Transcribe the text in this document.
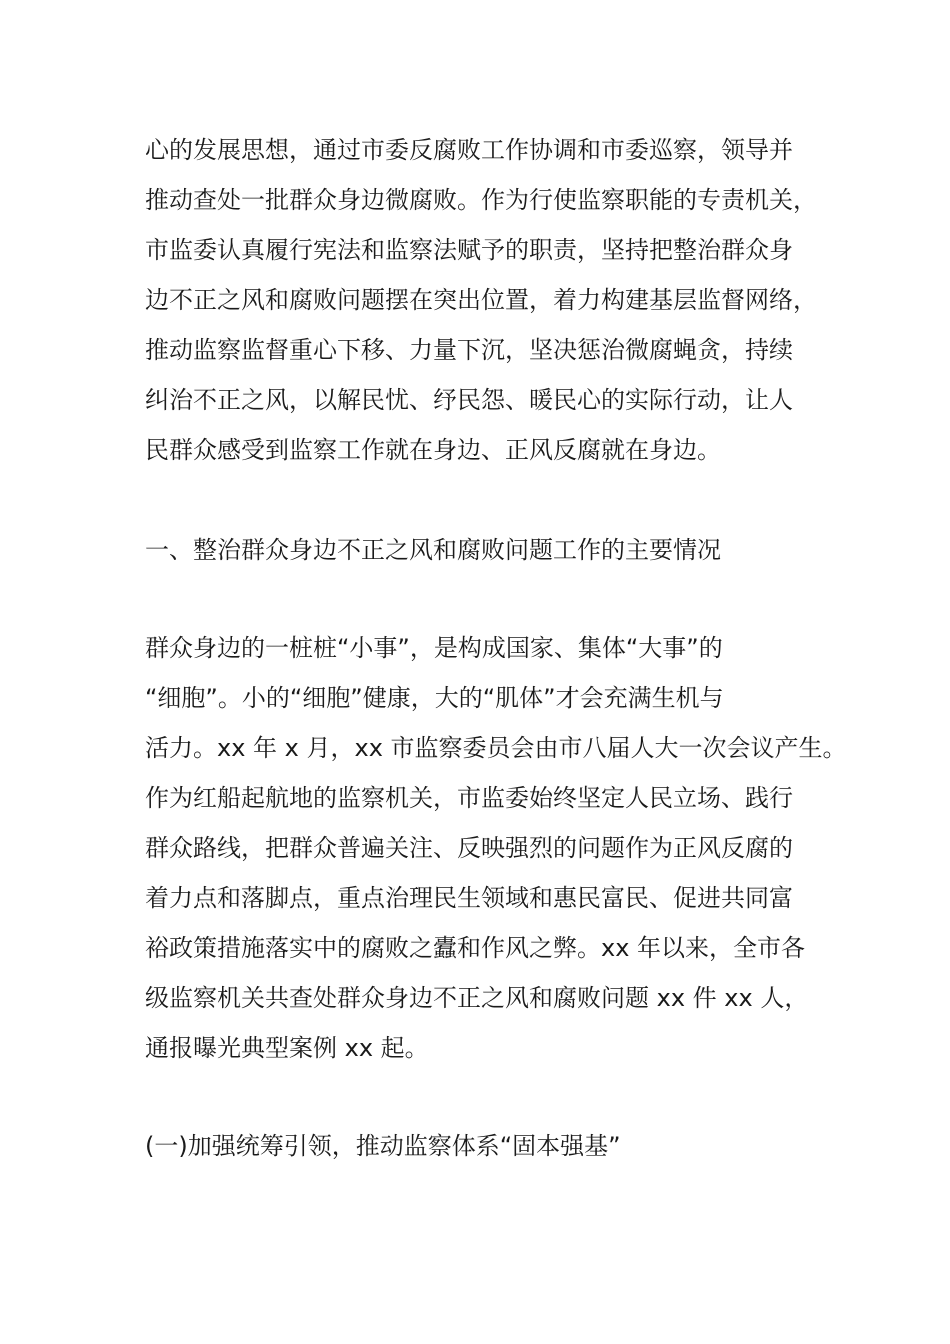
心的发展思想，通过市委反腐败工作协调和市委巡察，领导并
推动查处一批群众身边微腐败。作为行使监察职能的专责机关，
市监委认真履行宪法和监察法赋予的职责，坚持把整治群众身
边不正之风和腐败问题摆在突出位置，着力构建基层监督网络，
推动监察监督重心下移、力量下沉，坚决惩治微腐蝇贪，持续
纠治不正之风，以解民忧、纾民怨、暖民心的实际行动，让人
民群众感受到监察工作就在身边、正风反腐就在身边。
一、整治群众身边不正之风和腐败问题工作的主要情况
群众身边的一桩桩“小事”，是构成国家、集体“大事”的
“细胞”。小的“细胞”健康，大的“肌体”才会充满生机与
活力。xx 年 x 月，xx 市监察委员会由市八届人大一次会议产生。
作为红船起航地的监察机关，市监委始终坚定人民立场、践行
群众路线，把群众普遍关注、反映强烈的问题作为正风反腐的
着力点和落脚点，重点治理民生领域和惠民富民、促进共同富
裕政策措施落实中的腐败之蠹和作风之弊。xx 年以来，全市各
级监察机关共查处群众身边不正之风和腐败问题 xx 件 xx 人，
通报曝光典型案例 xx 起。
(一)加强统筹引领，推动监察体系“固本强基”
